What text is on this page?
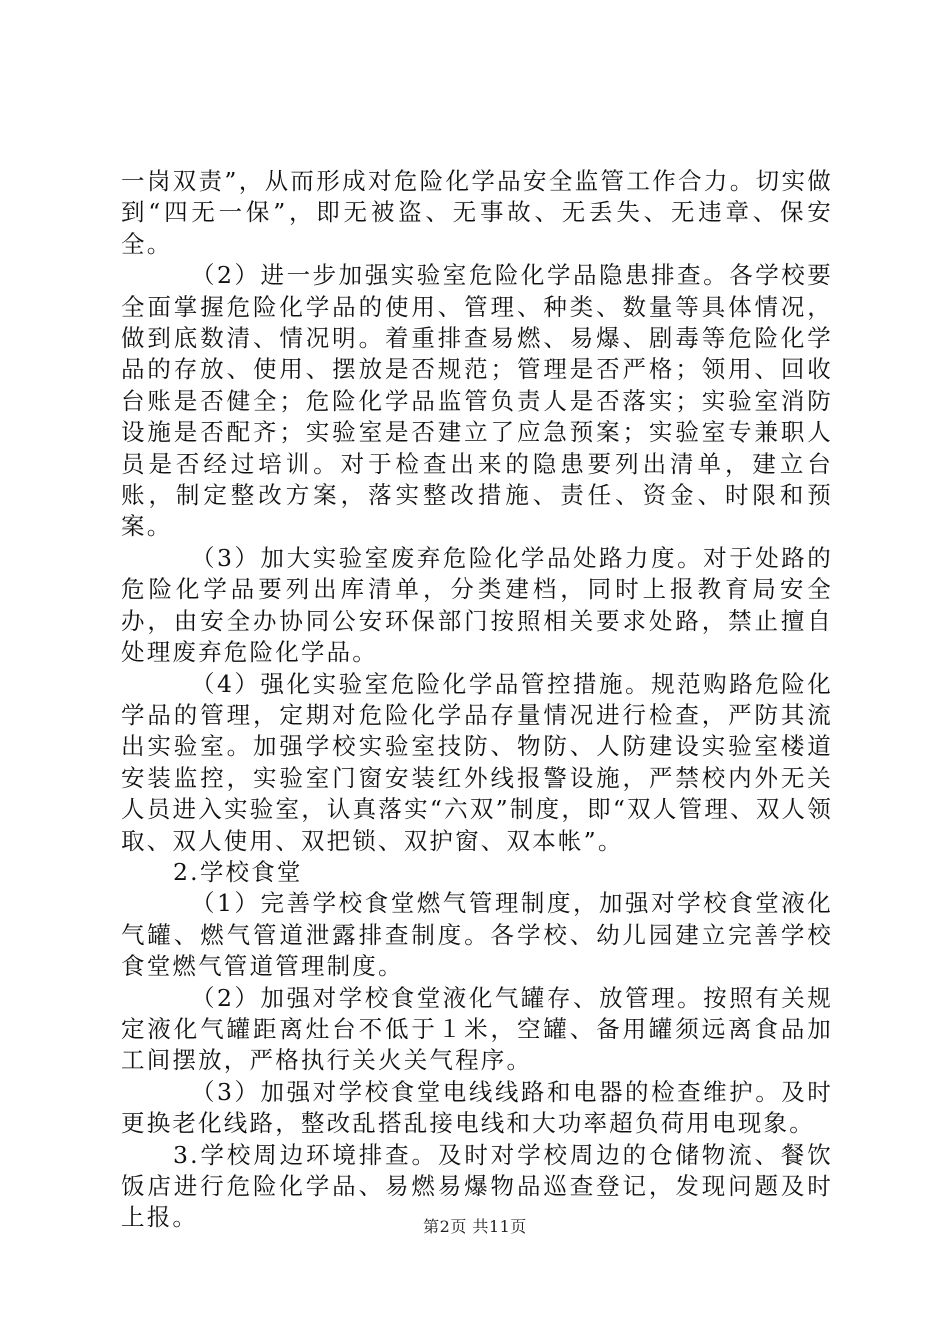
一岗双责”，从而形成对危险化学品安全监管工作合力。切实做到“四无一保”，即无被盗、无事故、无丢失、无违章、保安全。

（2）进一步加强实验室危险化学品隐患排查。各学校要全面掌握危险化学品的使用、管理、种类、数量等具体情况，做到底数清、情况明。着重排查易燃、易爆、剧毒等危险化学品的存放、使用、摆放是否规范；管理是否严格；领用、回收台账是否健全；危险化学品监管负责人是否落实；实验室消防设施是否配齐；实验室是否建立了应急预案；实验室专兼职人员是否经过培训。对于检查出来的隐患要列出清单，建立台账，制定整改方案，落实整改措施、责任、资金、时限和预案。

（3）加大实验室废弃危险化学品处路力度。对于处路的危险化学品要列出库清单，分类建档，同时上报教育局安全办，由安全办协同公安环保部门按照相关要求处路，禁止擅自处理废弃危险化学品。

（4）强化实验室危险化学品管控措施。规范购路危险化学品的管理，定期对危险化学品存量情况进行检查，严防其流出实验室。加强学校实验室技防、物防、人防建设实验室楼道安装监控，实验室门窗安装红外线报警设施，严禁校内外无关人员进入实验室，认真落实“六双”制度，即“双人管理、双人领取、双人使用、双把锁、双护窗、双本帐”。

2.学校食堂

（1）完善学校食堂燃气管理制度，加强对学校食堂液化气罐、燃气管道泄露排查制度。各学校、幼儿园建立完善学校食堂燃气管道管理制度。

（2）加强对学校食堂液化气罐存、放管理。按照有关规定液化气罐距离灶台不低于１米，空罐、备用罐须远离食品加工间摆放，严格执行关火关气程序。

（3）加强对学校食堂电线线路和电器的检查维护。及时更换老化线路，整改乱搭乱接电线和大功率超负荷用电现象。

3.学校周边环境排查。及时对学校周边的仓储物流、餐饮饭店进行危险化学品、易燃易爆物品巡查登记，发现问题及时上报。	第2页 共11页
